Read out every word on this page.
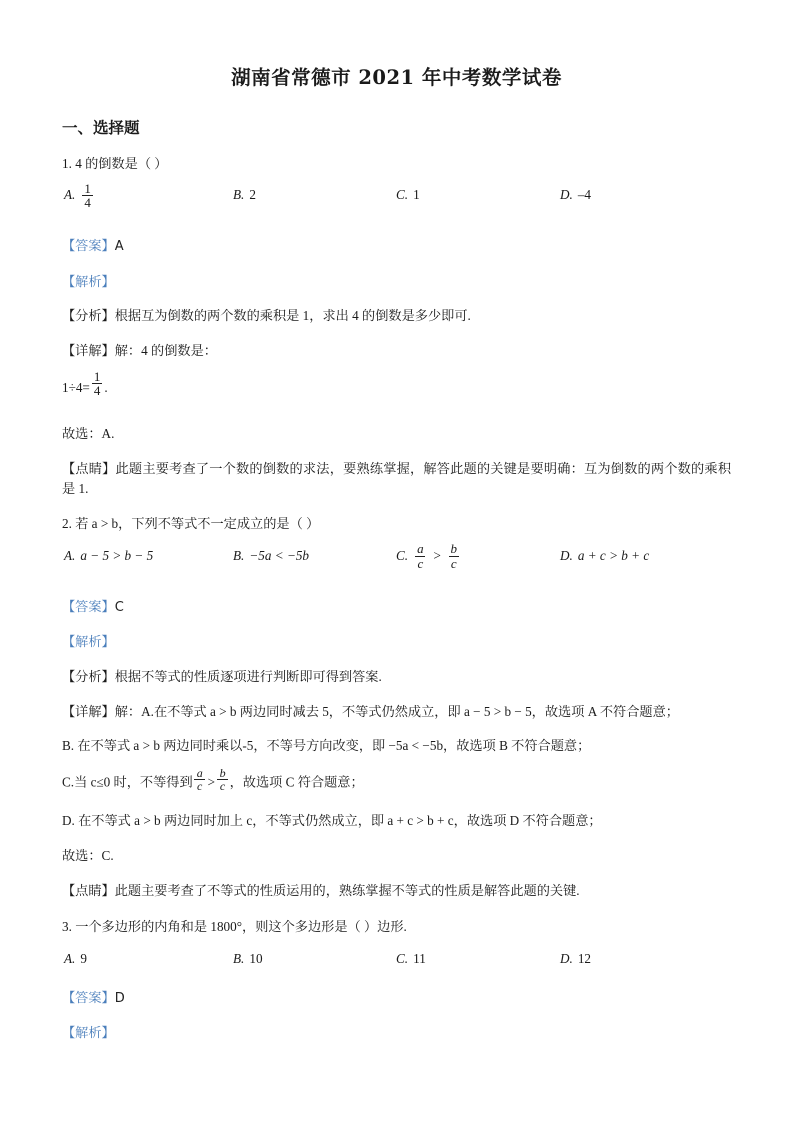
湖南省常德市 2021 年中考数学试卷
一、选择题
1. 4 的倒数是（ ）
A. $\frac{1}{4}$	B. 2	C. 1	D. –4
【答案】A
【解析】
【分析】根据互为倒数的两个数的乘积是 1，求出 4 的倒数是多少即可.
【详解】解：4 的倒数是：
$1\div 4= \frac{1}{4}$ .
故选：A.
【点睛】此题主要考查了一个数的倒数的求法，要熟练掌握，解答此题的关键是要明确：互为倒数的两个数的乘积是 1.
2. 若 a > b，下列不等式不一定成立的是（ ）
A. a − 5 > b − 5	B. −5a < −5b	C. $\frac{a}{c} > \frac{b}{c}$	D. a + c > b + c
【答案】C
【解析】
【分析】根据不等式的性质逐项进行判断即可得到答案.
【详解】解：A.在不等式 a > b 两边同时减去 5，不等式仍然成立，即 a − 5 > b − 5，故选项 A 不符合题意；
B. 在不等式 a > b 两边同时乘以-5，不等号方向改变，即 −5a < −5b，故选项 B 不符合题意；
C.当 c≤0 时，不等得到 $\frac{a}{c} > \frac{b}{c}$ ，故选项 C 符合题意；
D. 在不等式 a > b 两边同时加上 c，不等式仍然成立，即 a + c > b + c，故选项 D 不符合题意；
故选：C.
【点睛】此题主要考查了不等式的性质运用的，熟练掌握不等式的性质是解答此题的关键.
3. 一个多边形的内角和是 1800°，则这个多边形是（ ）边形.
A. 9	B. 10	C. 11	D. 12
【答案】D
【解析】
